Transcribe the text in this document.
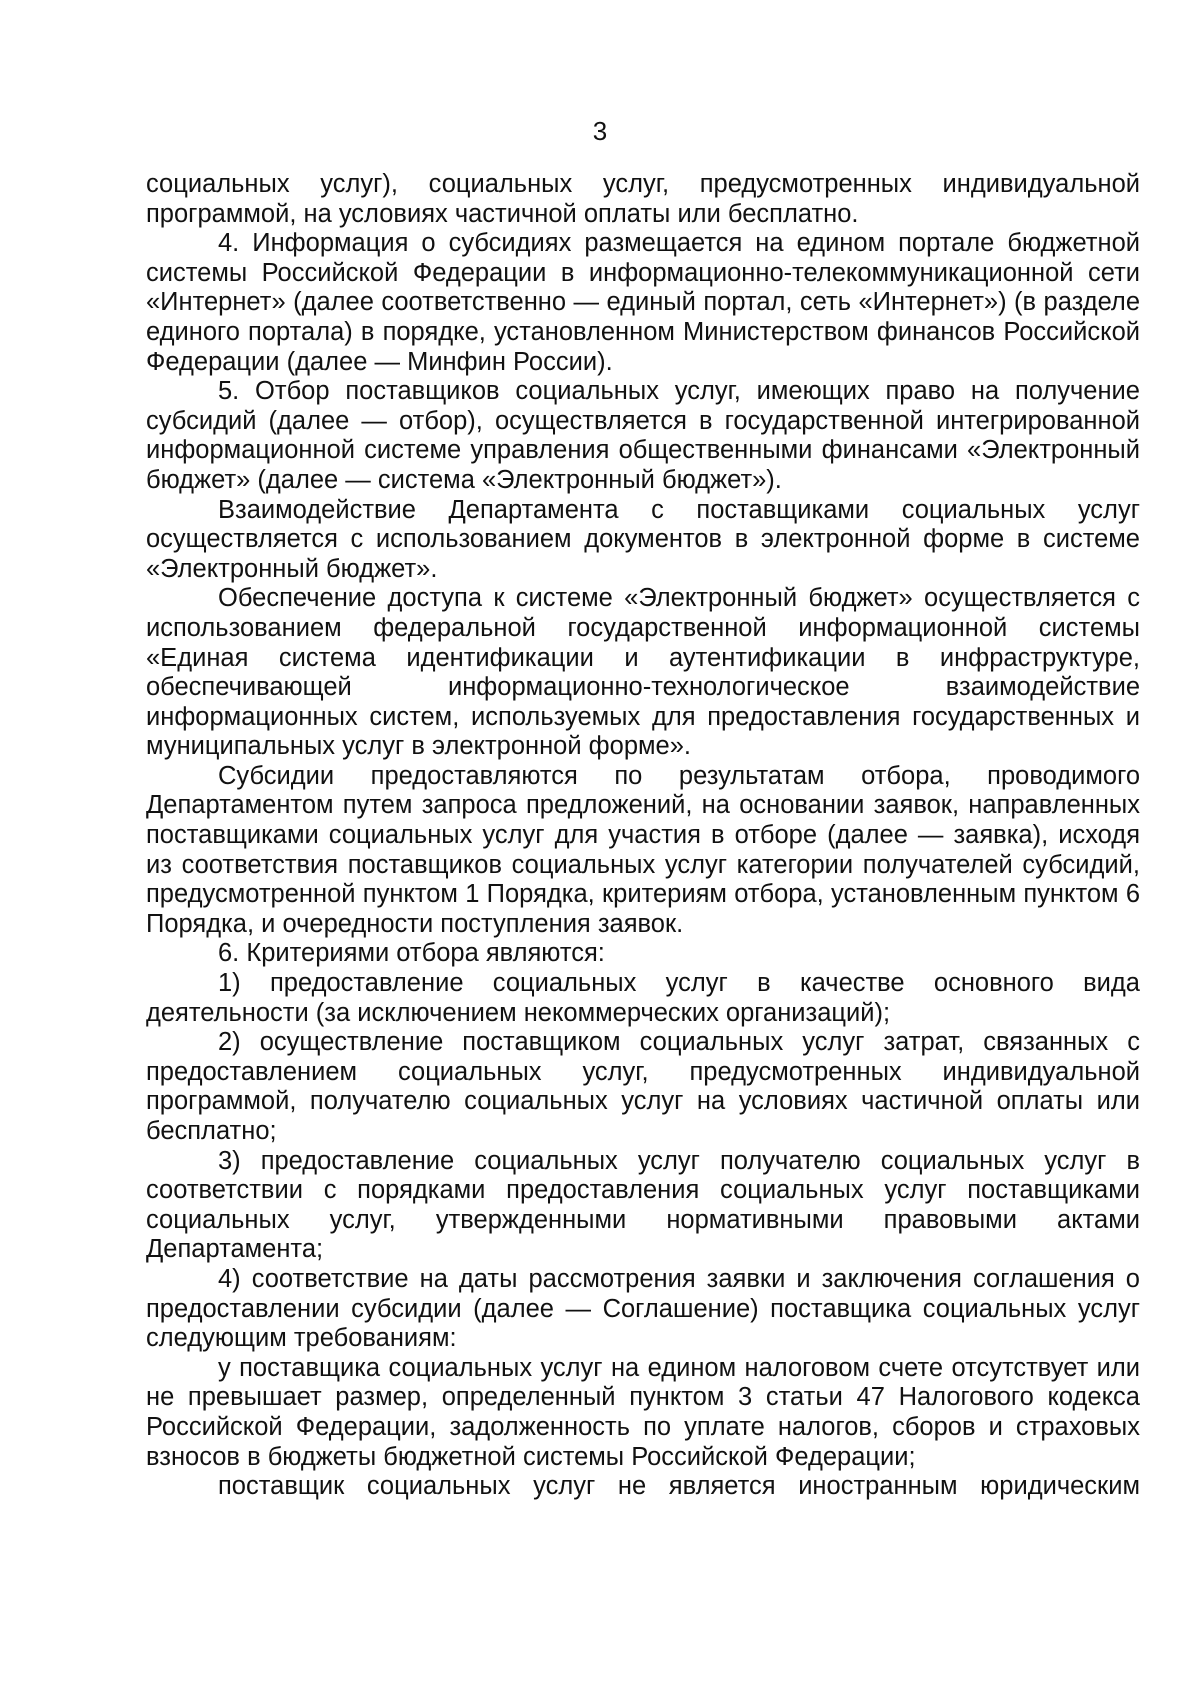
3

социальных услуг), социальных услуг, предусмотренных индивидуальной программой, на условиях частичной оплаты или бесплатно.

4. Информация о субсидиях размещается на едином портале бюджетной системы Российской Федерации в информационно-телекоммуникационной сети «Интернет» (далее соответственно — единый портал, сеть «Интернет») (в разделе единого портала) в порядке, установленном Министерством финансов Российской Федерации (далее — Минфин России).

5. Отбор поставщиков социальных услуг, имеющих право на получение субсидий (далее — отбор), осуществляется в государственной интегрированной информационной системе управления общественными финансами «Электронный бюджет» (далее — система «Электронный бюджет»).

Взаимодействие Департамента с поставщиками социальных услуг осуществляется с использованием документов в электронной форме в системе «Электронный бюджет».

Обеспечение доступа к системе «Электронный бюджет» осуществляется с использованием федеральной государственной информационной системы «Единая система идентификации и аутентификации в инфраструктуре, обеспечивающей информационно-технологическое взаимодействие информационных систем, используемых для предоставления государственных и муниципальных услуг в электронной форме».

Субсидии предоставляются по результатам отбора, проводимого Департаментом путем запроса предложений, на основании заявок, направленных поставщиками социальных услуг для участия в отборе (далее — заявка), исходя из соответствия поставщиков социальных услуг категории получателей субсидий, предусмотренной пунктом 1 Порядка, критериям отбора, установленным пунктом 6 Порядка, и очередности поступления заявок.

6. Критериями отбора являются:

1) предоставление социальных услуг в качестве основного вида деятельности (за исключением некоммерческих организаций);

2) осуществление поставщиком социальных услуг затрат, связанных с предоставлением социальных услуг, предусмотренных индивидуальной программой, получателю социальных услуг на условиях частичной оплаты или бесплатно;

3) предоставление социальных услуг получателю социальных услуг в соответствии с порядками предоставления социальных услуг поставщиками социальных услуг, утвержденными нормативными правовыми актами Департамента;

4) соответствие на даты рассмотрения заявки и заключения соглашения о предоставлении субсидии (далее — Соглашение) поставщика социальных услуг следующим требованиям:

у поставщика социальных услуг на едином налоговом счете отсутствует или не превышает размер, определенный пунктом 3 статьи 47 Налогового кодекса Российской Федерации, задолженность по уплате налогов, сборов и страховых взносов в бюджеты бюджетной системы Российской Федерации;

поставщик социальных услуг не является иностранным юридическим
